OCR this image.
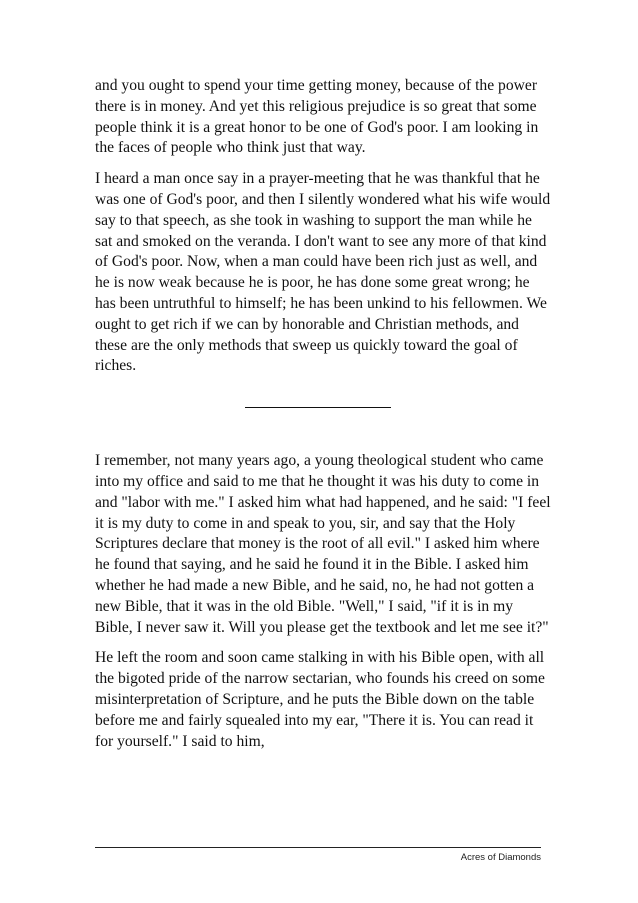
and you ought to spend your time getting money, because of the power there is in money. And yet this religious prejudice is so great that some people think it is a great honor to be one of God's poor. I am looking in the faces of people who think just that way.

I heard a man once say in a prayer-meeting that he was thankful that he was one of God's poor, and then I silently wondered what his wife would say to that speech, as she took in washing to support the man while he sat and smoked on the veranda. I don't want to see any more of that kind of God's poor. Now, when a man could have been rich just as well, and he is now weak because he is poor, he has done some great wrong; he has been untruthful to himself; he has been unkind to his fellowmen. We ought to get rich if we can by honorable and Christian methods, and these are the only methods that sweep us quickly toward the goal of riches.

I remember, not many years ago, a young theological student who came into my office and said to me that he thought it was his duty to come in and "labor with me." I asked him what had happened, and he said: "I feel it is my duty to come in and speak to you, sir, and say that the Holy Scriptures declare that money is the root of all evil." I asked him where he found that saying, and he said he found it in the Bible. I asked him whether he had made a new Bible, and he said, no, he had not gotten a new Bible, that it was in the old Bible. "Well," I said, "if it is in my Bible, I never saw it. Will you please get the textbook and let me see it?"

He left the room and soon came stalking in with his Bible open, with all the bigoted pride of the narrow sectarian, who founds his creed on some misinterpretation of Scripture, and he puts the Bible down on the table before me and fairly squealed into my ear, "There it is. You can read it for yourself." I said to him,

Acres of Diamonds
